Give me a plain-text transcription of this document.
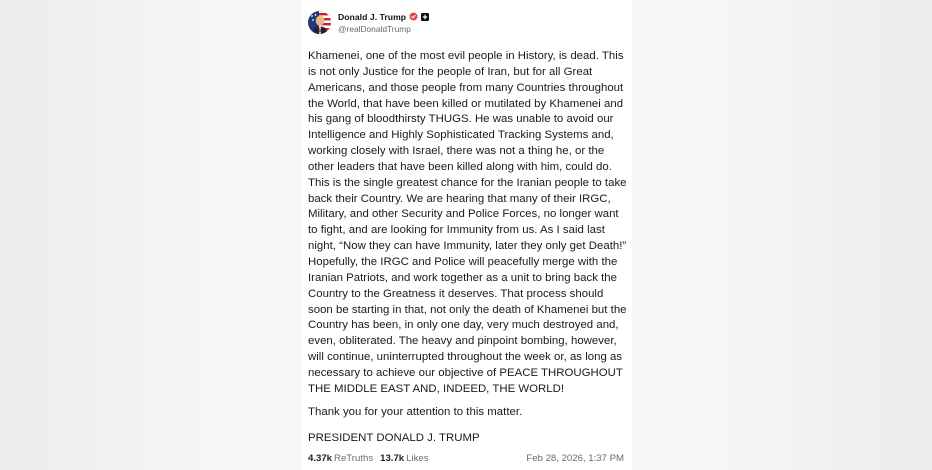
Donald J. Trump
@realDonaldTrump

Khamenei, one of the most evil people in History, is dead. This is not only Justice for the people of Iran, but for all Great Americans, and those people from many Countries throughout the World, that have been killed or mutilated by Khamenei and his gang of bloodthirsty THUGS. He was unable to avoid our Intelligence and Highly Sophisticated Tracking Systems and, working closely with Israel, there was not a thing he, or the other leaders that have been killed along with him, could do. This is the single greatest chance for the Iranian people to take back their Country. We are hearing that many of their IRGC, Military, and other Security and Police Forces, no longer want to fight, and are looking for Immunity from us. As I said last night, “Now they can have Immunity, later they only get Death!” Hopefully, the IRGC and Police will peacefully merge with the Iranian Patriots, and work together as a unit to bring back the Country to the Greatness it deserves. That process should soon be starting in that, not only the death of Khamenei but the Country has been, in only one day, very much destroyed and, even, obliterated. The heavy and pinpoint bombing, however, will continue, uninterrupted throughout the week or, as long as necessary to achieve our objective of PEACE THROUGHOUT THE MIDDLE EAST AND, INDEED, THE WORLD!

Thank you for your attention to this matter.

PRESIDENT DONALD J. TRUMP

4.37k ReTruths 13.7k Likes	Feb 28, 2026, 1:37 PM
